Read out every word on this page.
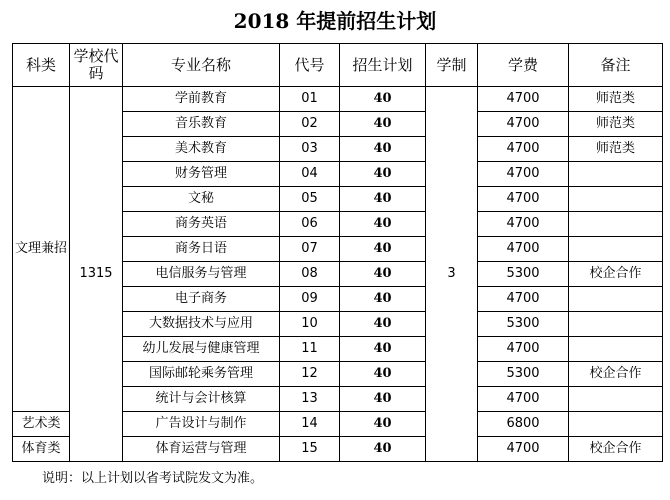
2018 年提前招生计划
科类	学校代码	专业名称	代号	招生计划	学制	学费	备注
文理兼招	1315	学前教育	01	40	3	4700	师范类
		音乐教育	02	40		4700	师范类
		美术教育	03	40		4700	师范类
		财务管理	04	40		4700	
		文秘	05	40		4700	
		商务英语	06	40		4700	
		商务日语	07	40		4700	
		电信服务与管理	08	40		5300	校企合作
		电子商务	09	40		4700	
		大数据技术与应用	10	40		5300	
		幼儿发展与健康管理	11	40		4700	
		国际邮轮乘务管理	12	40		5300	校企合作
		统计与会计核算	13	40		4700	
艺术类		广告设计与制作	14	40		6800	
体育类		体育运营与管理	15	40		4700	校企合作
说明：以上计划以省考试院发文为准。
